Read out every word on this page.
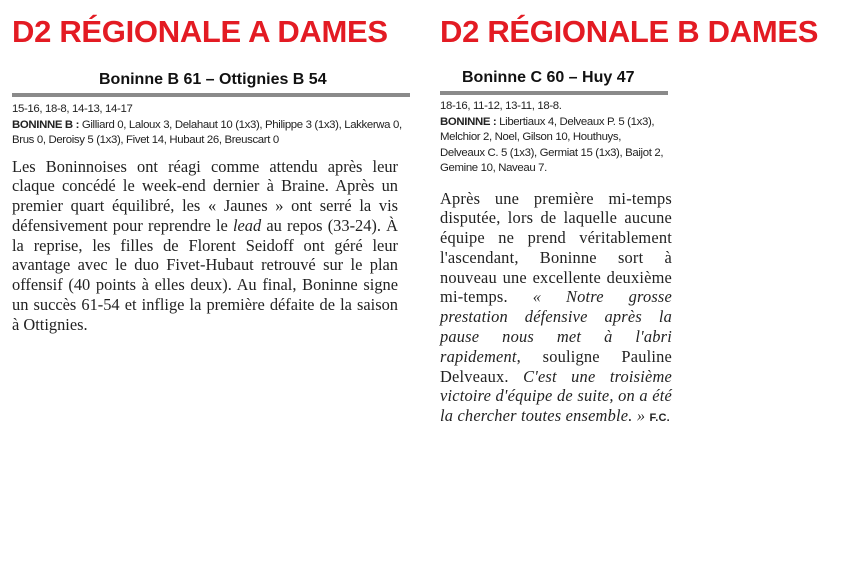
D2 RÉGIONALE A DAMES
Boninne B 61 – Ottignies B 54
15-16, 18-8, 14-13, 14-17
BONINNE B : Gilliard 0, Laloux 3, Delahaut 10 (1x3), Philippe 3 (1x3), Lakkerwa 0, Brus 0, Deroisy 5 (1x3), Fivet 14, Hubaut 26, Breuscart 0
Les Boninnoises ont réagi comme attendu après leur claque concédé le week-end dernier à Braine. Après un premier quart équilibré, les « Jaunes » ont serré la vis défensivement pour reprendre le lead au repos (33-24). À la reprise, les filles de Florent Seidoff ont géré leur avantage avec le duo Fivet-Hubaut retrouvé sur le plan offensif (40 points à elles deux). Au final, Boninne signe un succès 61-54 et inflige la première défaite de la saison à Ottignies.
D2 RÉGIONALE B DAMES
Boninne C 60 – Huy 47
18-16, 11-12, 13-11, 18-8.
BONINNE : Libertiaux 4, Delveaux P. 5 (1x3), Melchior 2, Noel, Gilson 10, Houthuys, Delveaux C. 5 (1x3), Germiat 15 (1x3), Baijot 2, Gemine 10, Naveau 7.
Après une première mi-temps disputée, lors de laquelle aucune équipe ne prend véritablement l'ascendant, Boninne sort à nouveau une excellente deuxième mi-temps. « Notre grosse prestation défensive après la pause nous met à l'abri rapidement, souligne Pauline Delveaux. C'est une troisième victoire d'équipe de suite, on a été la chercher toutes ensemble. » F.C.
